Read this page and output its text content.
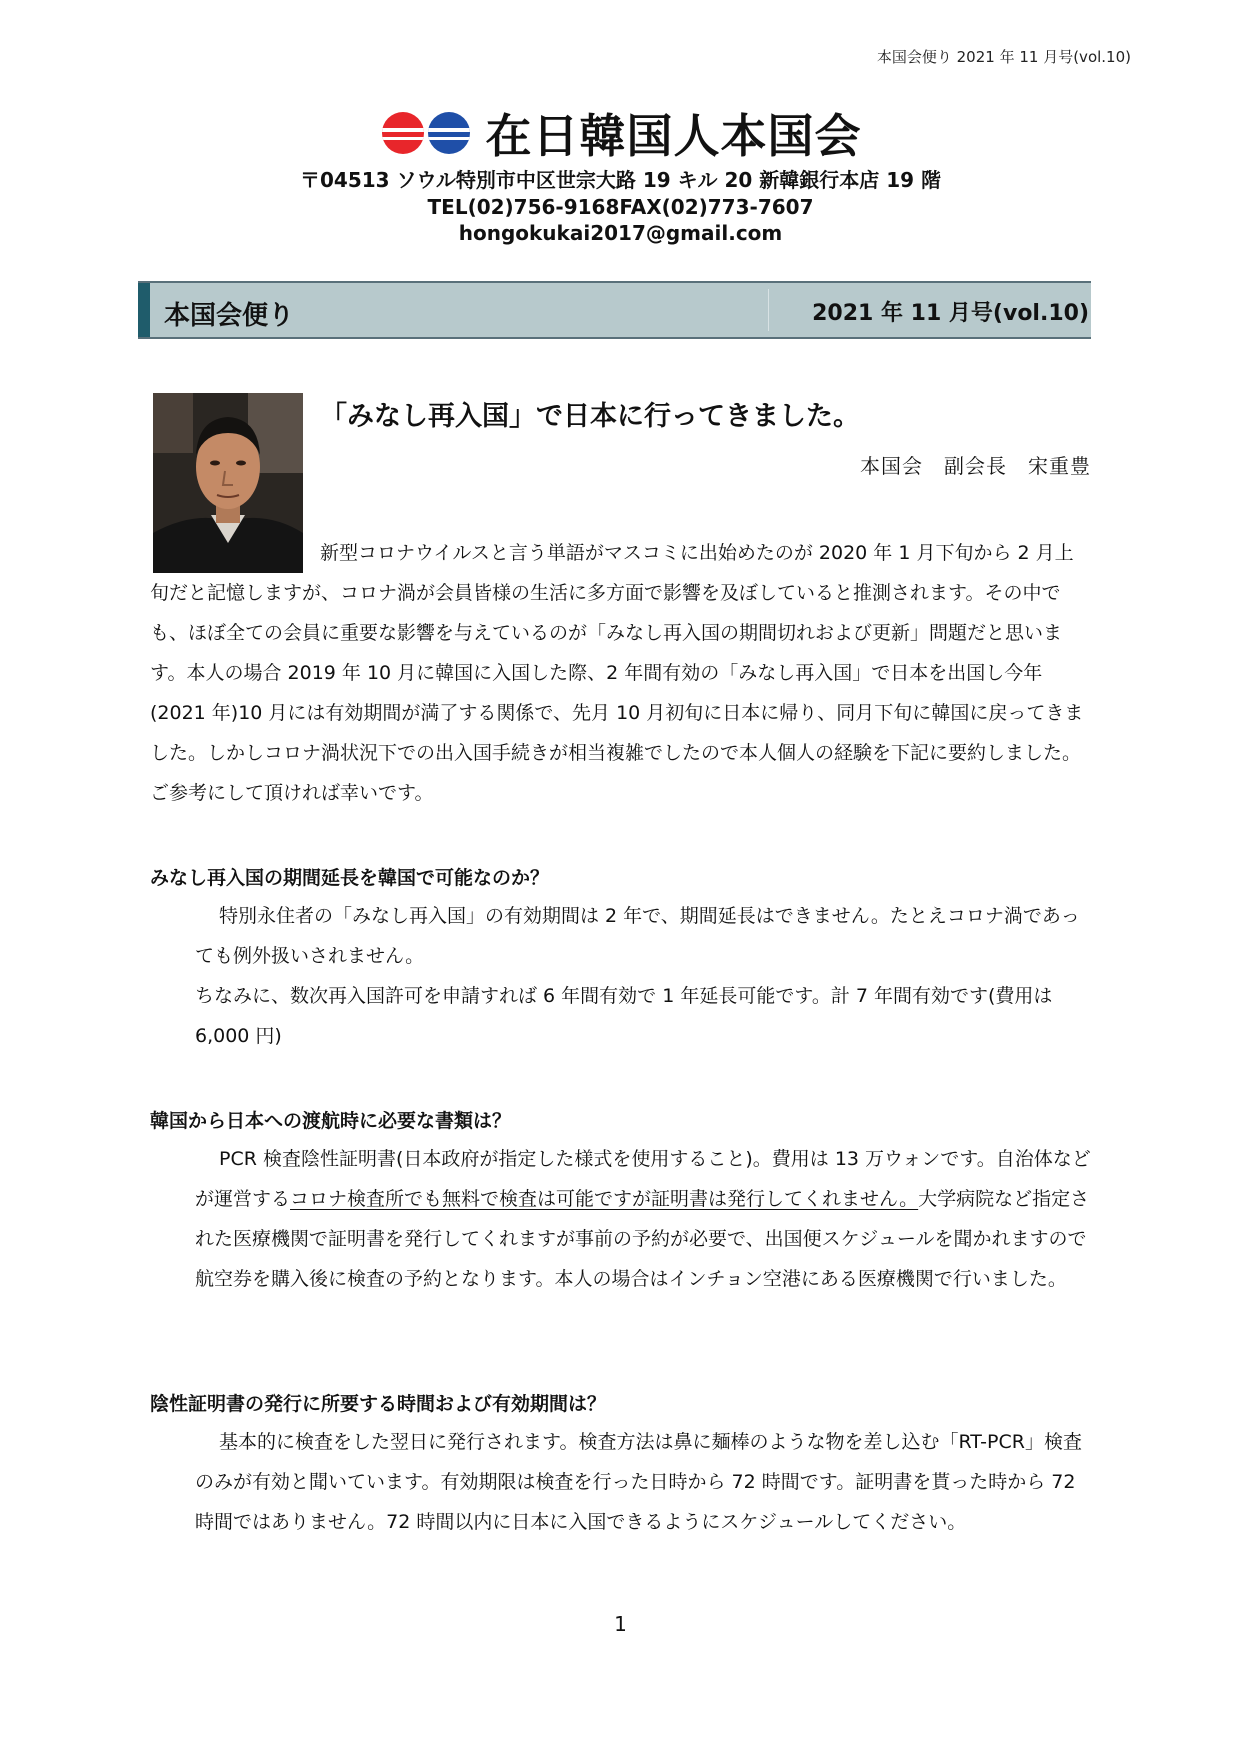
本国会便り 2021 年 11 月号(vol.10)
在日韓国人本国会
〒04513 ソウル特別市中区世宗大路 19 キル 20 新韓銀行本店 19 階
TEL(02)756-9168FAX(02)773-7607
hongokukai2017@gmail.com
本国会便り	2021 年 11 月号(vol.10)
「みなし再入国」で日本に行ってきました。
本国会　副会長　宋重豊

新型コロナウイルスと言う単語がマスコミに出始めたのが 2020 年 1 月下旬から 2 月上旬だと記憶しますが、コロナ渦が会員皆様の生活に多方面で影響を及ぼしていると推測されます。その中でも、ほぼ全ての会員に重要な影響を与えているのが「みなし再入国の期間切れおよび更新」問題だと思います。本人の場合 2019 年 10 月に韓国に入国した際、2 年間有効の「みなし再入国」で日本を出国し今年(2021 年)10 月には有効期間が満了する関係で、先月 10 月初旬に日本に帰り、同月下旬に韓国に戻ってきました。しかしコロナ渦状況下での出入国手続きが相当複雑でしたので本人個人の経験を下記に要約しました。ご参考にして頂ければ幸いです。

みなし再入国の期間延長を韓国で可能なのか？

特別永住者の「みなし再入国」の有効期間は 2 年で、期間延長はできません。たとえコロナ渦であっても例外扱いされません。

ちなみに、数次再入国許可を申請すれば 6 年間有効で 1 年延長可能です。計 7 年間有効です(費用は 6,000 円)

韓国から日本への渡航時に必要な書類は？

PCR 検査陰性証明書(日本政府が指定した様式を使用すること)。費用は 13 万ウォンです。自治体などが運営するコロナ検査所でも無料で検査は可能ですが証明書は発行してくれません。大学病院など指定された医療機関で証明書を発行してくれますが事前の予約が必要で、出国便スケジュールを聞かれますので航空券を購入後に検査の予約となります。本人の場合はインチョン空港にある医療機関で行いました。

陰性証明書の発行に所要する時間および有効期間は？

基本的に検査をした翌日に発行されます。検査方法は鼻に麺棒のような物を差し込む「RT-PCR」検査のみが有効と聞いています。有効期限は検査を行った日時から 72 時間です。証明書を貰った時から 72 時間ではありません。72 時間以内に日本に入国できるようにスケジュールしてください。

1
